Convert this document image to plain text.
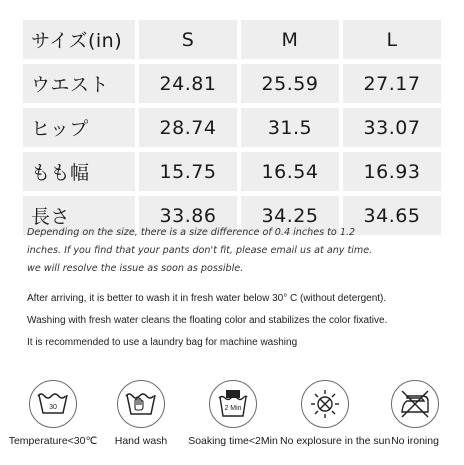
サイズ(in)	S	M	L
ウエスト	24.81	25.59	27.17
ヒップ	28.74	31.5	33.07
もも幅	15.75	16.54	16.93
長さ	33.86	34.25	34.65

Depending on the size, there is a size difference of 0.4 inches to 1.2

inches. If you find that your pants don't fit, please email us at any time.

we will resolve the issue as soon as possible.

After arriving, it is better to wash it in fresh water below 30° C (without detergent).

Washing with fresh water cleans the floating color and stabilizes the color fixative.

It is recommended to use a laundry bag for machine washing

30
Temperature<30℃	Hand wash
2 Min
Soaking time<2Min No explosure in the sun No ironing
